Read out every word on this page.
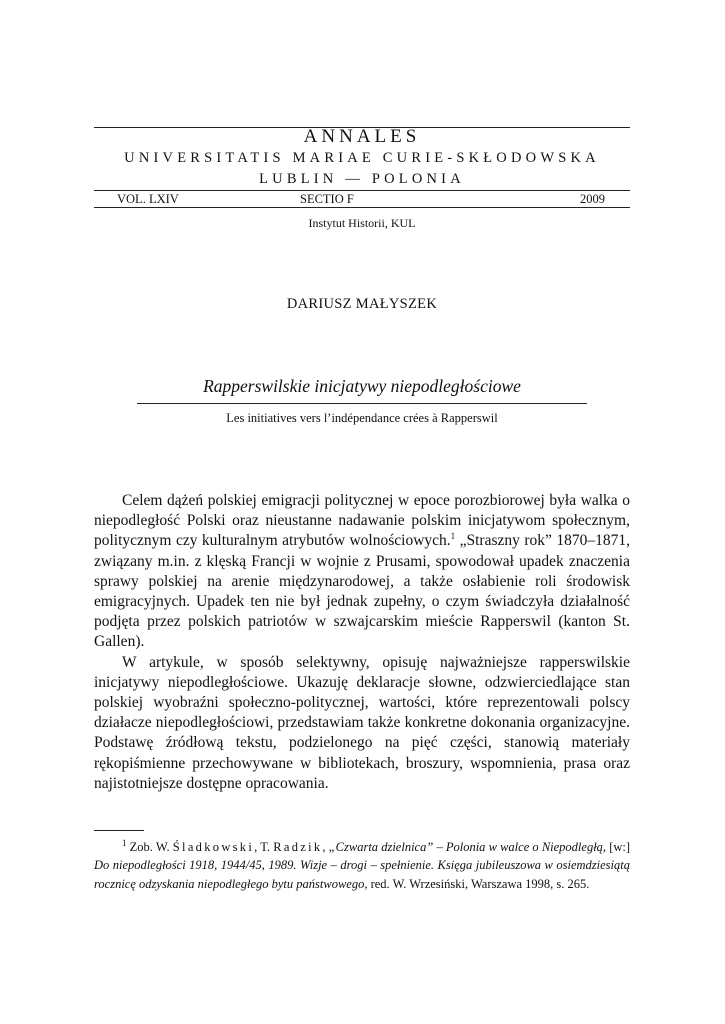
ANNALES
UNIVERSITATIS MARIAE CURIE-SKŁODOWSKA
LUBLIN — POLONIA
VOL. LXIV	SECTIO F	2009
Instytut Historii, KUL
DARIUSZ MAŁYSZEK
Rapperswilskie inicjatywy niepodległościowe
Les initiatives vers l’indépendance crées à Rapperswil

Celem dążeń polskiej emigracji politycznej w epoce porozbiorowej była walka o niepodległość Polski oraz nieustanne nadawanie polskim inicjatywom społecznym, politycznym czy kulturalnym atrybutów wolnościowych.$^1$ „Straszny rok” 1870–1871, związany m.in. z klęską Francji w wojnie z Prusami, spowodował upadek znaczenia sprawy polskiej na arenie międzynarodowej, a także osłabienie roli środowisk emigracyjnych. Upadek ten nie był jednak zupełny, o czym świadczyła działalność podjęta przez polskich patriotów w szwajcarskim mieście Rapperswil (kanton St. Gallen).

W artykule, w sposób selektywny, opisuję najważniejsze rapperswilskie inicjatywy niepodległościowe. Ukazuję deklaracje słowne, odzwierciedlające stan polskiej wyobraźni społeczno-politycznej, wartości, które reprezentowali polscy działacze niepodległościowi, przedstawiam także konkretne dokonania organizacyjne. Podstawę źródłową tekstu, podzielonego na pięć części, stanowią materiały rękopiśmienne przechowywane w bibliotekach, broszury, wspomnienia, prasa oraz najistotniejsze dostępne opracowania.

$^1$ Zob. W. Śladkowski, T. Radzik, „Czwarta dzielnica” – Polonia w walce o Niepodległą, [w:] Do niepodległości 1918, 1944/45, 1989. Wizje – drogi – spełnienie. Księga jubileuszowa w osiemdziesiątą rocznicę odzyskania niepodległego bytu państwowego, red. W. Wrzesiński, Warszawa 1998, s. 265.
